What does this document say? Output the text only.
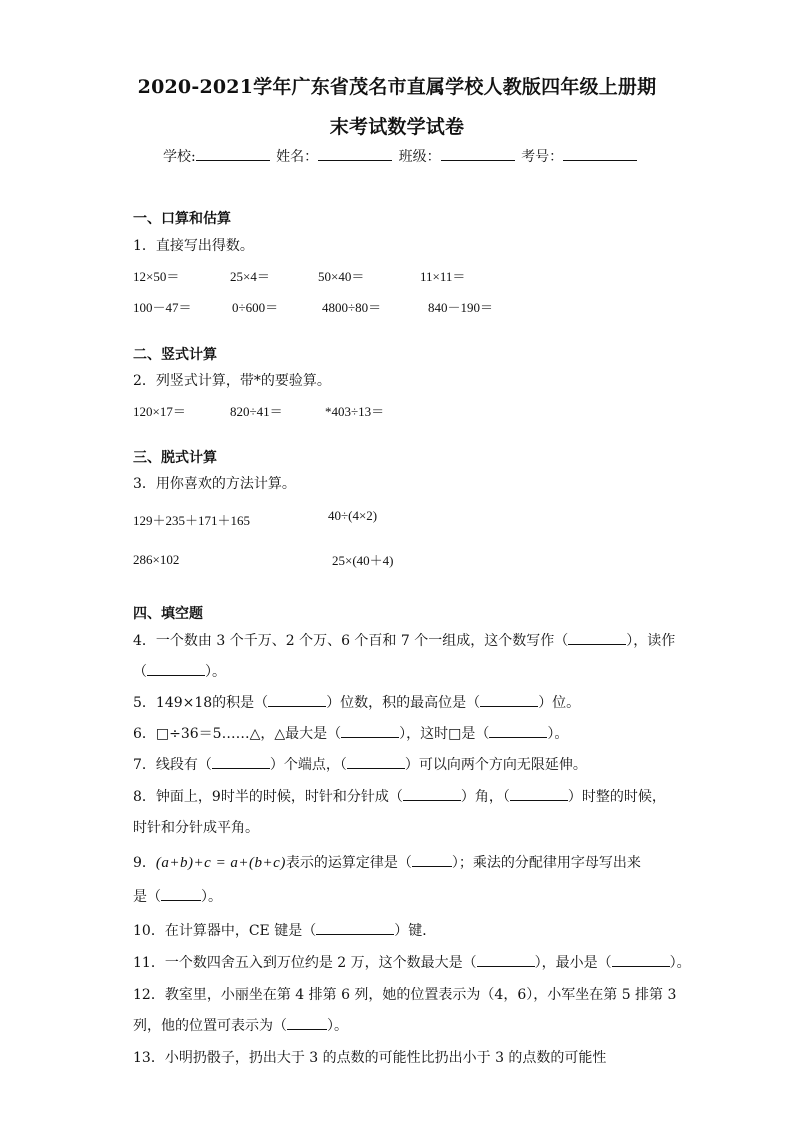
2020-2021学年广东省茂名市直属学校人教版四年级上册期
末考试数学试卷
学校:	姓名：	班级：	考号：
一、口算和估算
1．直接写出得数。
12×50＝	25×4＝	50×40＝	11×11＝
100－47＝	0÷600＝	4800÷80＝	840－190＝
二、竖式计算
2．列竖式计算，带*的要验算。
120×17＝	820÷41＝	*403÷13＝
三、脱式计算
3．用你喜欢的方法计算。
129＋235＋171＋165	40÷(4×2)
286×102	25×(40＋4)
四、填空题
4．一个数由 3 个千万、2 个万、6 个百和 7 个一组成，这个数写作（	），读作
（	）。
5．149×18的积是（	）位数，积的最高位是（	）位。
6．□÷36＝5……△，△最大是（	），这时□是（	）。
7．线段有（	）个端点，（	）可以向两个方向无限延伸。
8．钟面上，9时半的时候，时针和分针成（	）角，（	）时整的时候，
时针和分针成平角。
9．(a+b)+c = a+(b+c)表示的运算定律是（	）；乘法的分配律用字母写出来
是（	）。
10．在计算器中，CE 键是（	）键．
11．一个数四舍五入到万位约是 2 万，这个数最大是（	），最小是（	）。
12．教室里，小丽坐在第 4 排第 6 列，她的位置表示为（4，6），小军坐在第 5 排第 3
列，他的位置可表示为（	）。
13．小明扔骰子，扔出大于 3 的点数的可能性比扔出小于 3 的点数的可能性
